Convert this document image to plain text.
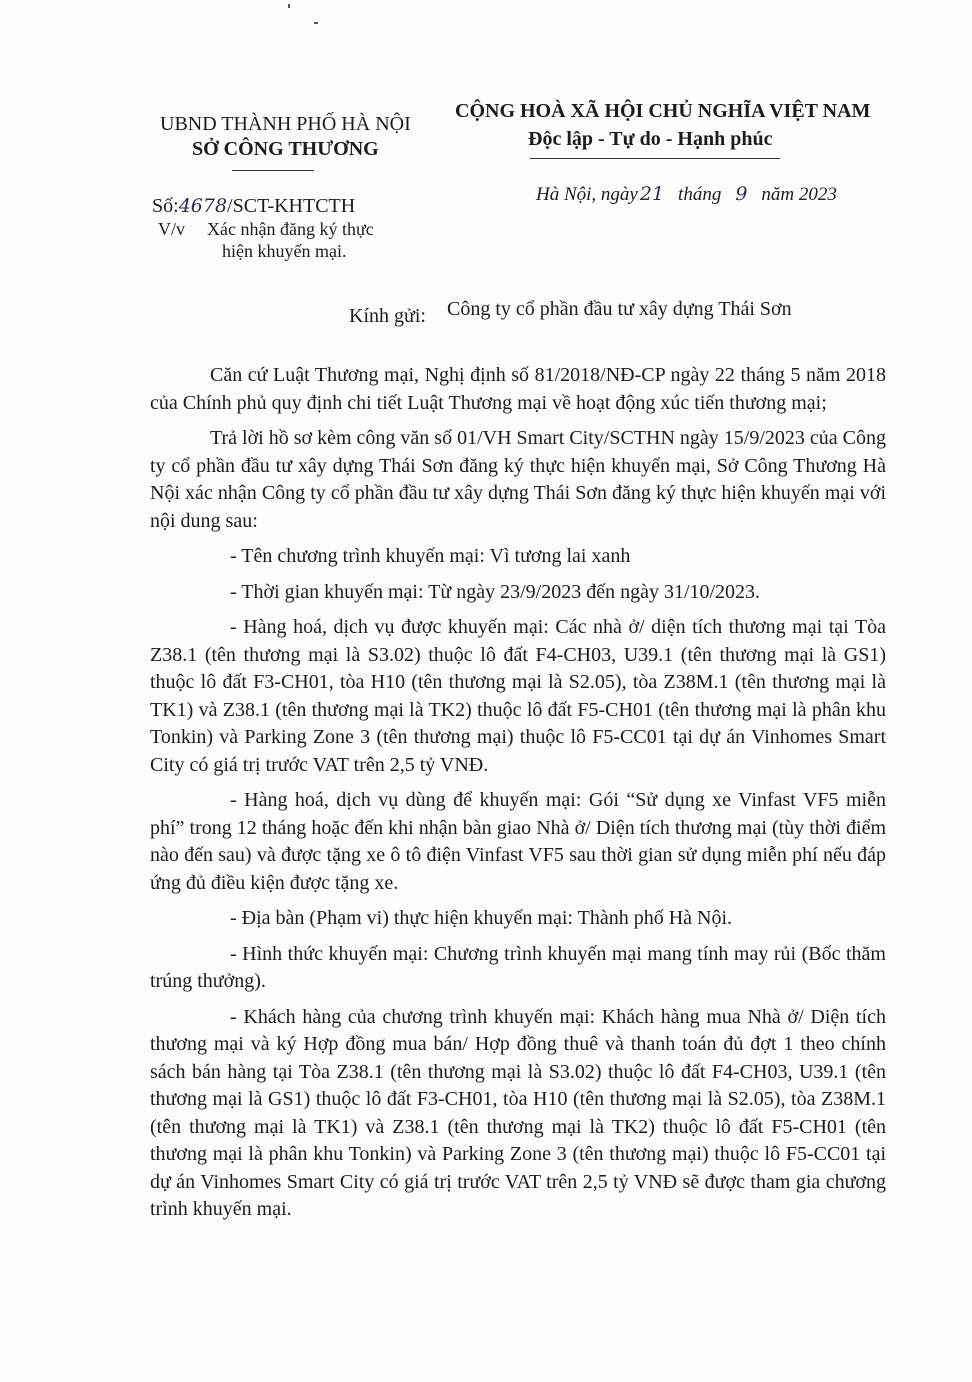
UBND THÀNH PHỐ HÀ NỘI
SỞ CÔNG THƯƠNG
Số:4678/SCT-KHTCTH
V/v Xác nhận đăng ký thực
hiện khuyến mại.
CỘNG HOÀ XÃ HỘI CHỦ NGHĨA VIỆT NAM
Độc lập - Tự do - Hạnh phúc
Hà Nội, ngày 21 tháng 9 năm 2023
Kính gửi: Công ty cổ phần đầu tư xây dựng Thái Sơn

Căn cứ Luật Thương mại, Nghị định số 81/2018/NĐ-CP ngày 22 tháng 5 năm 2018 của Chính phủ quy định chi tiết Luật Thương mại về hoạt động xúc tiến thương mại;

Trả lời hồ sơ kèm công văn số 01/VH Smart City/SCTHN ngày 15/9/2023 của Công ty cổ phần đầu tư xây dựng Thái Sơn đăng ký thực hiện khuyến mại, Sở Công Thương Hà Nội xác nhận Công ty cổ phần đầu tư xây dựng Thái Sơn đăng ký thực hiện khuyến mại với nội dung sau:

- Tên chương trình khuyến mại: Vì tương lai xanh

- Thời gian khuyến mại: Từ ngày 23/9/2023 đến ngày 31/10/2023.

- Hàng hoá, dịch vụ được khuyến mại: Các nhà ở/ diện tích thương mại tại Tòa Z38.1 (tên thương mại là S3.02) thuộc lô đất F4-CH03, U39.1 (tên thương mại là GS1) thuộc lô đất F3-CH01, tòa H10 (tên thương mại là S2.05), tòa Z38M.1 (tên thương mại là TK1) và Z38.1 (tên thương mại là TK2) thuộc lô đất F5-CH01 (tên thương mại là phân khu Tonkin) và Parking Zone 3 (tên thương mại) thuộc lô F5-CC01 tại dự án Vinhomes Smart City có giá trị trước VAT trên 2,5 tỷ VNĐ.

- Hàng hoá, dịch vụ dùng để khuyến mại: Gói “Sử dụng xe Vinfast VF5 miễn phí” trong 12 tháng hoặc đến khi nhận bàn giao Nhà ở/ Diện tích thương mại (tùy thời điểm nào đến sau) và được tặng xe ô tô điện Vinfast VF5 sau thời gian sử dụng miễn phí nếu đáp ứng đủ điều kiện được tặng xe.

- Địa bàn (Phạm vi) thực hiện khuyến mại: Thành phố Hà Nội.

- Hình thức khuyến mại: Chương trình khuyến mại mang tính may rủi (Bốc thăm trúng thưởng).

- Khách hàng của chương trình khuyến mại: Khách hàng mua Nhà ở/ Diện tích thương mại và ký Hợp đồng mua bán/ Hợp đồng thuê và thanh toán đủ đợt 1 theo chính sách bán hàng tại Tòa Z38.1 (tên thương mại là S3.02) thuộc lô đất F4-CH03, U39.1 (tên thương mại là GS1) thuộc lô đất F3-CH01, tòa H10 (tên thương mại là S2.05), tòa Z38M.1 (tên thương mại là TK1) và Z38.1 (tên thương mại là TK2) thuộc lô đất F5-CH01 (tên thương mại là phân khu Tonkin) và Parking Zone 3 (tên thương mại) thuộc lô F5-CC01 tại dự án Vinhomes Smart City có giá trị trước VAT trên 2,5 tỷ VNĐ sẽ được tham gia chương trình khuyến mại.
